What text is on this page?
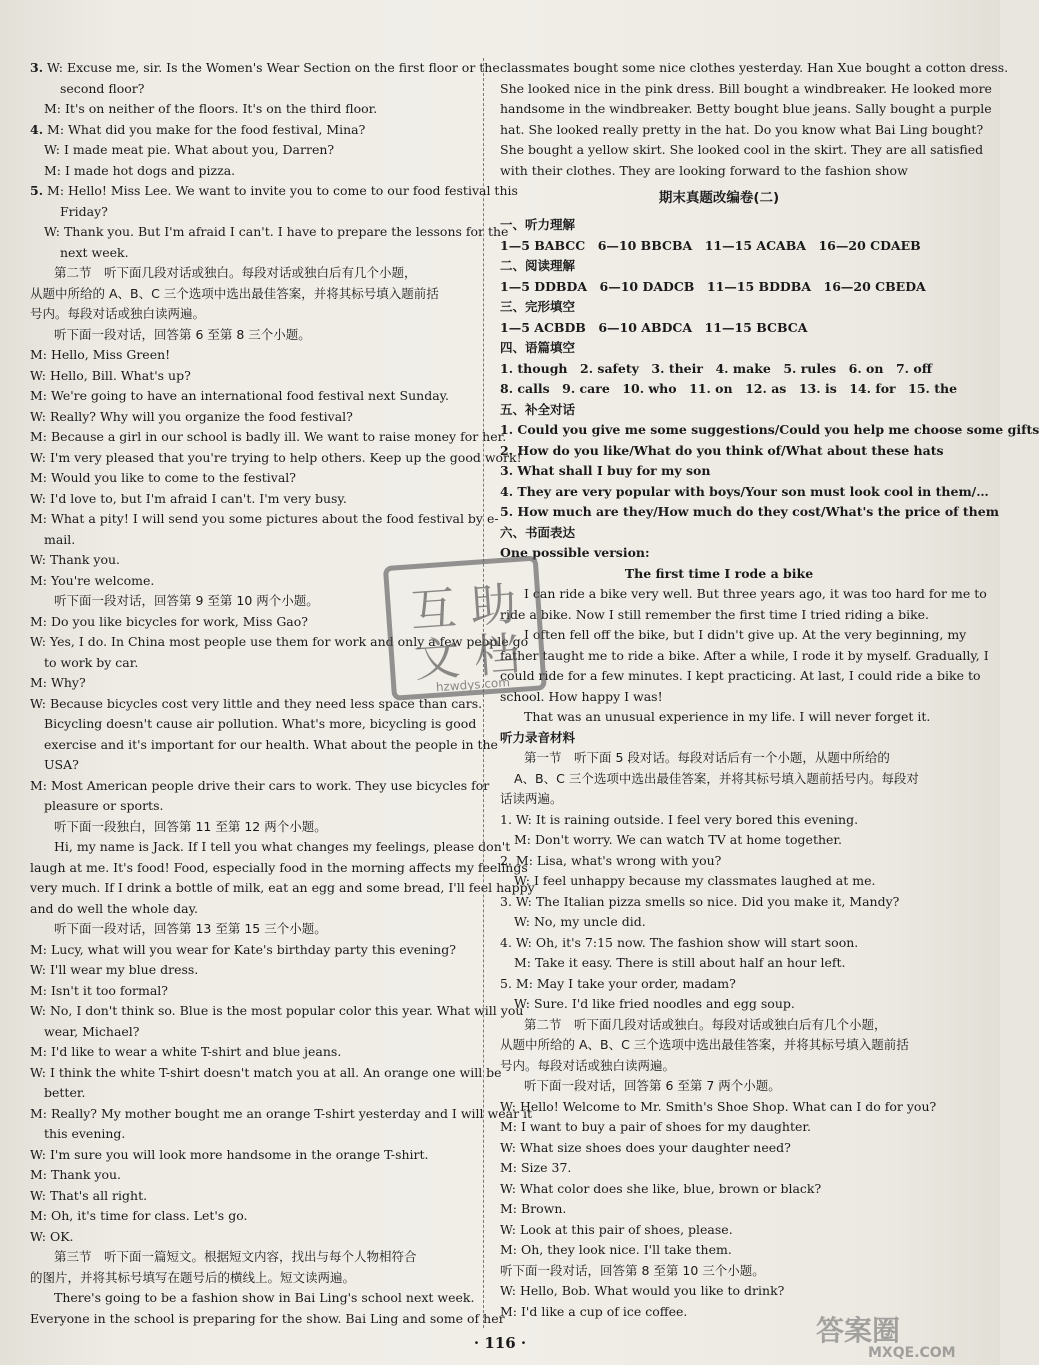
3. W: Excuse me, sir. Is the Women's Wear Section on the first floor or the
second floor?
M: It's on neither of the floors. It's on the third floor.
4. M: What did you make for the food festival, Mina?
W: I made meat pie. What about you, Darren?
M: I made hot dogs and pizza.
5. M: Hello! Miss Lee. We want to invite you to come to our food festival this
Friday?
W: Thank you. But I'm afraid I can't. I have to prepare the lessons for the
next week.
第二节　听下面几段对话或独白。每段对话或独白后有几个小题，
从题中所给的 A、B、C 三个选项中选出最佳答案，并将其标号填入题前括
号内。每段对话或独白读两遍。
听下面一段对话，回答第 6 至第 8 三个小题。
M: Hello, Miss Green!
W: Hello, Bill. What's up?
M: We're going to have an international food festival next Sunday.
W: Really? Why will you organize the food festival?
M: Because a girl in our school is badly ill. We want to raise money for her.
W: I'm very pleased that you're trying to help others. Keep up the good work!
M: Would you like to come to the festival?
W: I'd love to, but I'm afraid I can't. I'm very busy.
M: What a pity! I will send you some pictures about the food festival by e-
mail.
W: Thank you.
M: You're welcome.
听下面一段对话，回答第 9 至第 10 两个小题。
M: Do you like bicycles for work, Miss Gao?
W: Yes, I do. In China most people use them for work and only a few people go
to work by car.
M: Why?
W: Because bicycles cost very little and they need less space than cars.
Bicycling doesn't cause air pollution. What's more, bicycling is good
exercise and it's important for our health. What about the people in the
USA?
M: Most American people drive their cars to work. They use bicycles for
pleasure or sports.
听下面一段独白，回答第 11 至第 12 两个小题。
Hi, my name is Jack. If I tell you what changes my feelings, please don't
laugh at me. It's food! Food, especially food in the morning affects my feelings
very much. If I drink a bottle of milk, eat an egg and some bread, I'll feel happy
and do well the whole day.
听下面一段对话，回答第 13 至第 15 三个小题。
M: Lucy, what will you wear for Kate's birthday party this evening?
W: I'll wear my blue dress.
M: Isn't it too formal?
W: No, I don't think so. Blue is the most popular color this year. What will you
wear, Michael?
M: I'd like to wear a white T-shirt and blue jeans.
W: I think the white T-shirt doesn't match you at all. An orange one will be
better.
M: Really? My mother bought me an orange T-shirt yesterday and I will wear it
this evening.
W: I'm sure you will look more handsome in the orange T-shirt.
M: Thank you.
W: That's all right.
M: Oh, it's time for class. Let's go.
W: OK.
第三节　听下面一篇短文。根据短文内容，找出与每个人物相符合
的图片，并将其标号填写在题号后的横线上。短文读两遍。
There's going to be a fashion show in Bai Ling's school next week.
Everyone in the school is preparing for the show. Bai Ling and some of her
classmates bought some nice clothes yesterday. Han Xue bought a cotton dress.
She looked nice in the pink dress. Bill bought a windbreaker. He looked more
handsome in the windbreaker. Betty bought blue jeans. Sally bought a purple
hat. She looked really pretty in the hat. Do you know what Bai Ling bought?
She bought a yellow skirt. She looked cool in the skirt. They are all satisfied
with their clothes. They are looking forward to the fashion show
期末真题改编卷(二)
一、听力理解
1—5 BABCC　6—10 BBCBA　11—15 ACABA　16—20 CDAEB
二、阅读理解
1—5 DDBDA　6—10 DADCB　11—15 BDDBA　16—20 CBEDA
三、完形填空
1—5 ACBDB　6—10 ABDCA　11—15 BCBCA
四、语篇填空
1. though　2. safety　3. their　4. make　5. rules　6. on　7. off
8. calls　9. care　10. who　11. on　12. as　13. is　14. for　15. the
五、补全对话
1. Could you give me some suggestions/Could you help me choose some gifts
2. How do you like/What do you think of/What about these hats
3. What shall I buy for my son
4. They are very popular with boys/Your son must look cool in them/…
5. How much are they/How much do they cost/What's the price of them
六、书面表达
One possible version:
The first time I rode a bike
I can ride a bike very well. But three years ago, it was too hard for me to
ride a bike. Now I still remember the first time I tried riding a bike.
I often fell off the bike, but I didn't give up. At the very beginning, my
father taught me to ride a bike. After a while, I rode it by myself. Gradually, I
could ride for a few minutes. I kept practicing. At last, I could ride a bike to
school. How happy I was!
That was an unusual experience in my life. I will never forget it.
听力录音材料
第一节　听下面 5 段对话。每段对话后有一个小题，从题中所给的
A、B、C 三个选项中选出最佳答案，并将其标号填入题前括号内。每段对
话读两遍。
1. W: It is raining outside. I feel very bored this evening.
M: Don't worry. We can watch TV at home together.
2. M: Lisa, what's wrong with you?
W: I feel unhappy because my classmates laughed at me.
3. W: The Italian pizza smells so nice. Did you make it, Mandy?
W: No, my uncle did.
4. W: Oh, it's 7:15 now. The fashion show will start soon.
M: Take it easy. There is still about half an hour left.
5. M: May I take your order, madam?
W: Sure. I'd like fried noodles and egg soup.
第二节　听下面几段对话或独白。每段对话或独白后有几个小题，
从题中所给的 A、B、C 三个选项中选出最佳答案，并将其标号填入题前括
号内。每段对话或独白读两遍。
听下面一段对话，回答第 6 至第 7 两个小题。
W: Hello! Welcome to Mr. Smith's Shoe Shop. What can I do for you?
M: I want to buy a pair of shoes for my daughter.
W: What size shoes does your daughter need?
M: Size 37.
W: What color does she like, blue, brown or black?
M: Brown.
W: Look at this pair of shoes, please.
M: Oh, they look nice. I'll take them.
听下面一段对话，回答第 8 至第 10 三个小题。
W: Hello, Bob. What would you like to drink?
M: I'd like a cup of ice coffee.
互 助
文 档
hzwdys.com
· 116 ·	答案圈
MXQE.COM
